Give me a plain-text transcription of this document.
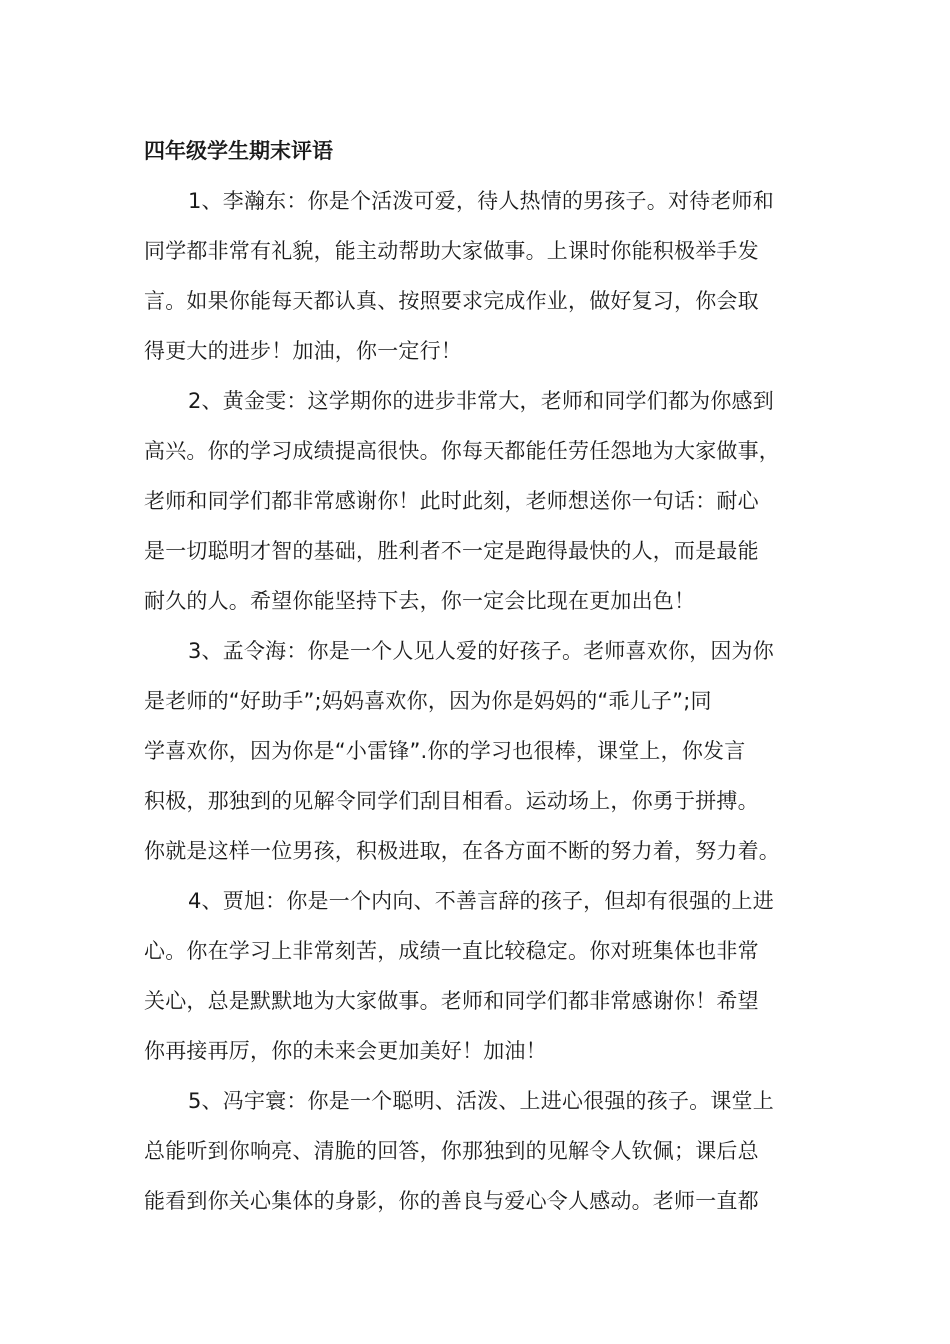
四年级学生期末评语
1、李瀚东：你是个活泼可爱，待人热情的男孩子。对待老师和
同学都非常有礼貌，能主动帮助大家做事。上课时你能积极举手发
言。如果你能每天都认真、按照要求完成作业，做好复习，你会取
得更大的进步！加油，你一定行！
2、黄金雯：这学期你的进步非常大，老师和同学们都为你感到
高兴。你的学习成绩提高很快。你每天都能任劳任怨地为大家做事，
老师和同学们都非常感谢你！此时此刻，老师想送你一句话：耐心
是一切聪明才智的基础，胜利者不一定是跑得最快的人，而是最能
耐久的人。希望你能坚持下去，你一定会比现在更加出色！
3、孟令海：你是一个人见人爱的好孩子。老师喜欢你，因为你
是老师的“好助手”;妈妈喜欢你，因为你是妈妈的“乖儿子”;同
学喜欢你，因为你是“小雷锋”.你的学习也很棒，课堂上，你发言
积极，那独到的见解令同学们刮目相看。运动场上，你勇于拼搏。
你就是这样一位男孩，积极进取，在各方面不断的努力着，努力着。
4、贾旭：你是一个内向、不善言辞的孩子，但却有很强的上进
心。你在学习上非常刻苦，成绩一直比较稳定。你对班集体也非常
关心，总是默默地为大家做事。老师和同学们都非常感谢你！希望
你再接再厉，你的未来会更加美好！加油！
5、冯宇寰：你是一个聪明、活泼、上进心很强的孩子。课堂上
总能听到你响亮、清脆的回答，你那独到的见解令人钦佩；课后总
能看到你关心集体的身影，你的善良与爱心令人感动。老师一直都
